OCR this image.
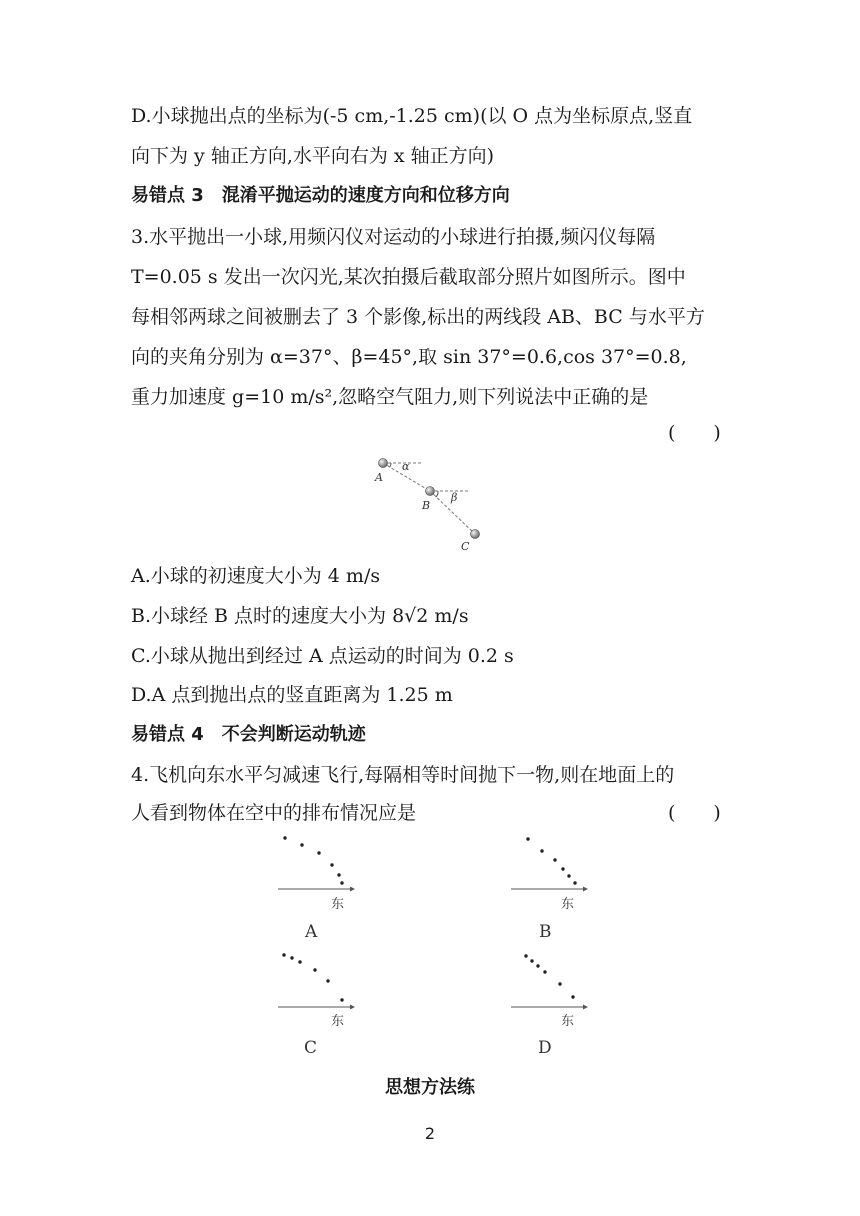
D.小球抛出点的坐标为(-5 cm,-1.25 cm)(以 O 点为坐标原点,竖直
向下为 y 轴正方向,水平向右为 x 轴正方向)
易错点 3　混淆平抛运动的速度方向和位移方向
3.水平抛出一小球,用频闪仪对运动的小球进行拍摄,频闪仪每隔
T=0.05 s 发出一次闪光,某次拍摄后截取部分照片如图所示。图中
每相邻两球之间被删去了 3 个影像,标出的两线段 AB、BC 与水平方
向的夹角分别为 α=37°、β=45°,取 sin 37°=0.6,cos 37°=0.8,
重力加速度 g=10 m/s²,忽略空气阻力,则下列说法中正确的是
(　　)
A
α
B
β
C
A.小球的初速度大小为 4 m/s
B.小球经 B 点时的速度大小为 8√2 m/s
C.小球从抛出到经过 A 点运动的时间为 0.2 s
D.A 点到抛出点的竖直距离为 1.25 m
易错点 4　不会判断运动轨迹
4.飞机向东水平匀减速飞行,每隔相等时间抛下一物,则在地面上的
人看到物体在空中的排布情况应是	(　　)
东
A
东
B
东
C
东
D
思想方法练
2
